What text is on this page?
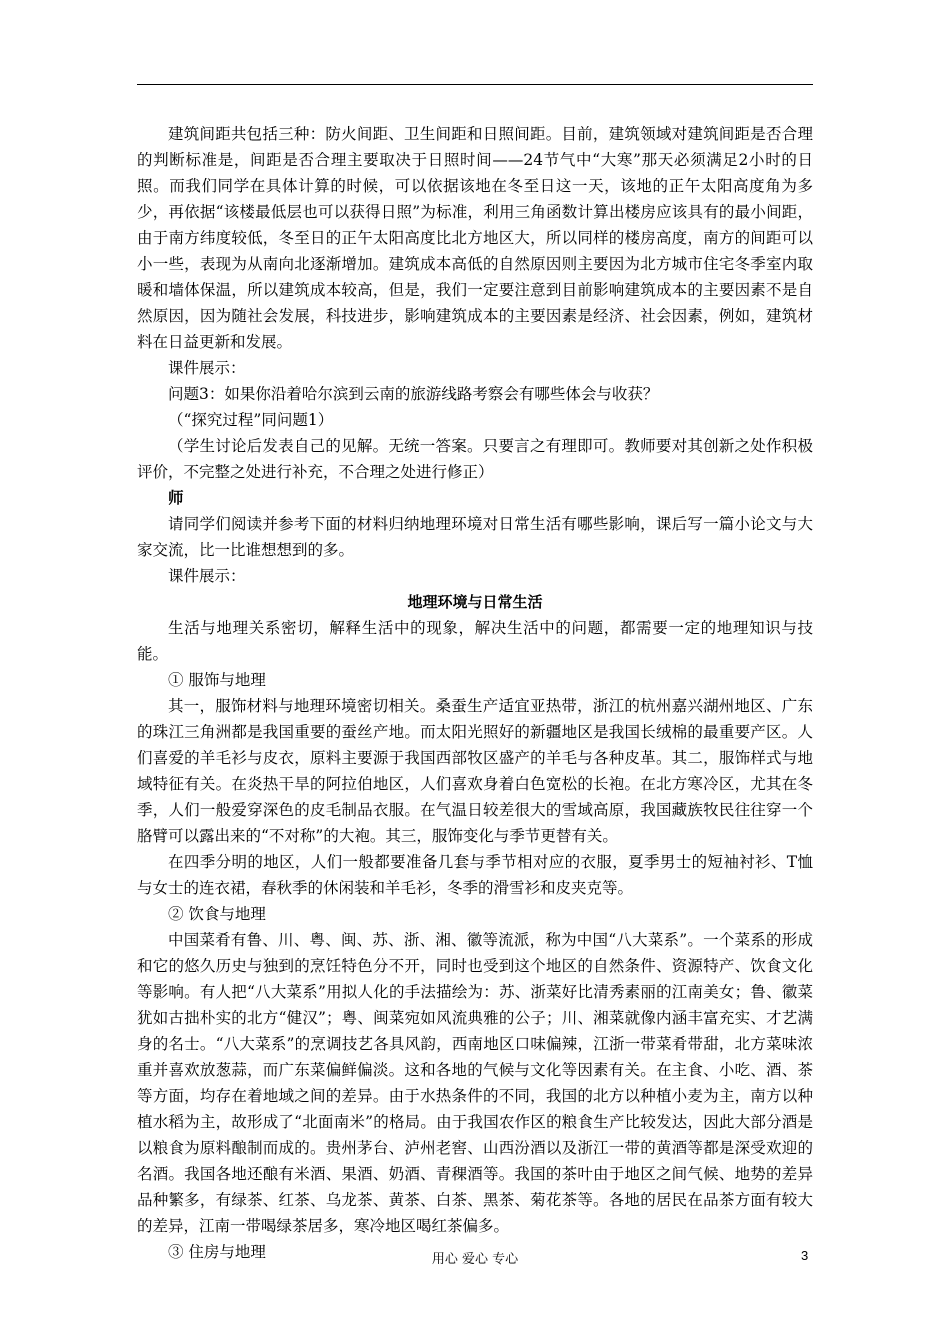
建筑间距共包括三种：防火间距、卫生间距和日照间距。目前，建筑领域对建筑间距是否合理的判断标准是，间距是否合理主要取决于日照时间——24节气中“大寒”那天必须满足2小时的日照。而我们同学在具体计算的时候，可以依据该地在冬至日这一天，该地的正午太阳高度角为多少，再依据“该楼最低层也可以获得日照”为标准，利用三角函数计算出楼房应该具有的最小间距，由于南方纬度较低，冬至日的正午太阳高度比北方地区大，所以同样的楼房高度，南方的间距可以小一些，表现为从南向北逐渐增加。建筑成本高低的自然原因则主要因为北方城市住宅冬季室内取暖和墙体保温，所以建筑成本较高，但是，我们一定要注意到目前影响建筑成本的主要因素不是自然原因，因为随社会发展，科技进步，影响建筑成本的主要因素是经济、社会因素，例如，建筑材料在日益更新和发展。

课件展示：

问题3：如果你沿着哈尔滨到云南的旅游线路考察会有哪些体会与收获？

（“探究过程”同问题1）

（学生讨论后发表自己的见解。无统一答案。只要言之有理即可。教师要对其创新之处作积极评价，不完整之处进行补充，不合理之处进行修正）

师

请同学们阅读并参考下面的材料归纳地理环境对日常生活有哪些影响，课后写一篇小论文与大家交流，比一比谁想想到的多。

课件展示：

地理环境与日常生活

生活与地理关系密切，解释生活中的现象，解决生活中的问题，都需要一定的地理知识与技能。

① 服饰与地理

其一，服饰材料与地理环境密切相关。桑蚕生产适宜亚热带，浙江的杭州嘉兴湖州地区、广东的珠江三角洲都是我国重要的蚕丝产地。而太阳光照好的新疆地区是我国长绒棉的最重要产区。人们喜爱的羊毛衫与皮衣，原料主要源于我国西部牧区盛产的羊毛与各种皮革。其二，服饰样式与地域特征有关。在炎热干旱的阿拉伯地区，人们喜欢身着白色宽松的长袍。在北方寒冷区，尤其在冬季，人们一般爱穿深色的皮毛制品衣服。在气温日较差很大的雪域高原，我国藏族牧民往往穿一个胳臂可以露出来的“不对称”的大袍。其三，服饰变化与季节更替有关。

在四季分明的地区，人们一般都要准备几套与季节相对应的衣服，夏季男士的短袖衬衫、T恤与女士的连衣裙，春秋季的休闲装和羊毛衫，冬季的滑雪衫和皮夹克等。

② 饮食与地理

中国菜肴有鲁、川、粤、闽、苏、浙、湘、徽等流派，称为中国“八大菜系”。一个菜系的形成和它的悠久历史与独到的烹饪特色分不开，同时也受到这个地区的自然条件、资源特产、饮食文化等影响。有人把“八大菜系”用拟人化的手法描绘为：苏、浙菜好比清秀素丽的江南美女；鲁、徽菜犹如古拙朴实的北方“健汉”；粤、闽菜宛如风流典雅的公子；川、湘菜就像内涵丰富充实、才艺满身的名士。“八大菜系”的烹调技艺各具风韵，西南地区口味偏辣，江浙一带菜肴带甜，北方菜味浓重并喜欢放葱蒜，而广东菜偏鲜偏淡。这和各地的气候与文化等因素有关。在主食、小吃、酒、茶等方面，均存在着地域之间的差异。由于水热条件的不同，我国的北方以种植小麦为主，南方以种植水稻为主，故形成了“北面南米”的格局。由于我国农作区的粮食生产比较发达，因此大部分酒是以粮食为原料酿制而成的。贵州茅台、泸州老窖、山西汾酒以及浙江一带的黄酒等都是深受欢迎的名酒。我国各地还酿有米酒、果酒、奶酒、青稞酒等。我国的茶叶由于地区之间气候、地势的差异品种繁多，有绿茶、红茶、乌龙茶、黄茶、白茶、黑茶、菊花茶等。各地的居民在品茶方面有较大的差异，江南一带喝绿茶居多，寒冷地区喝红茶偏多。

③ 住房与地理	用心 爱心 专心	3
